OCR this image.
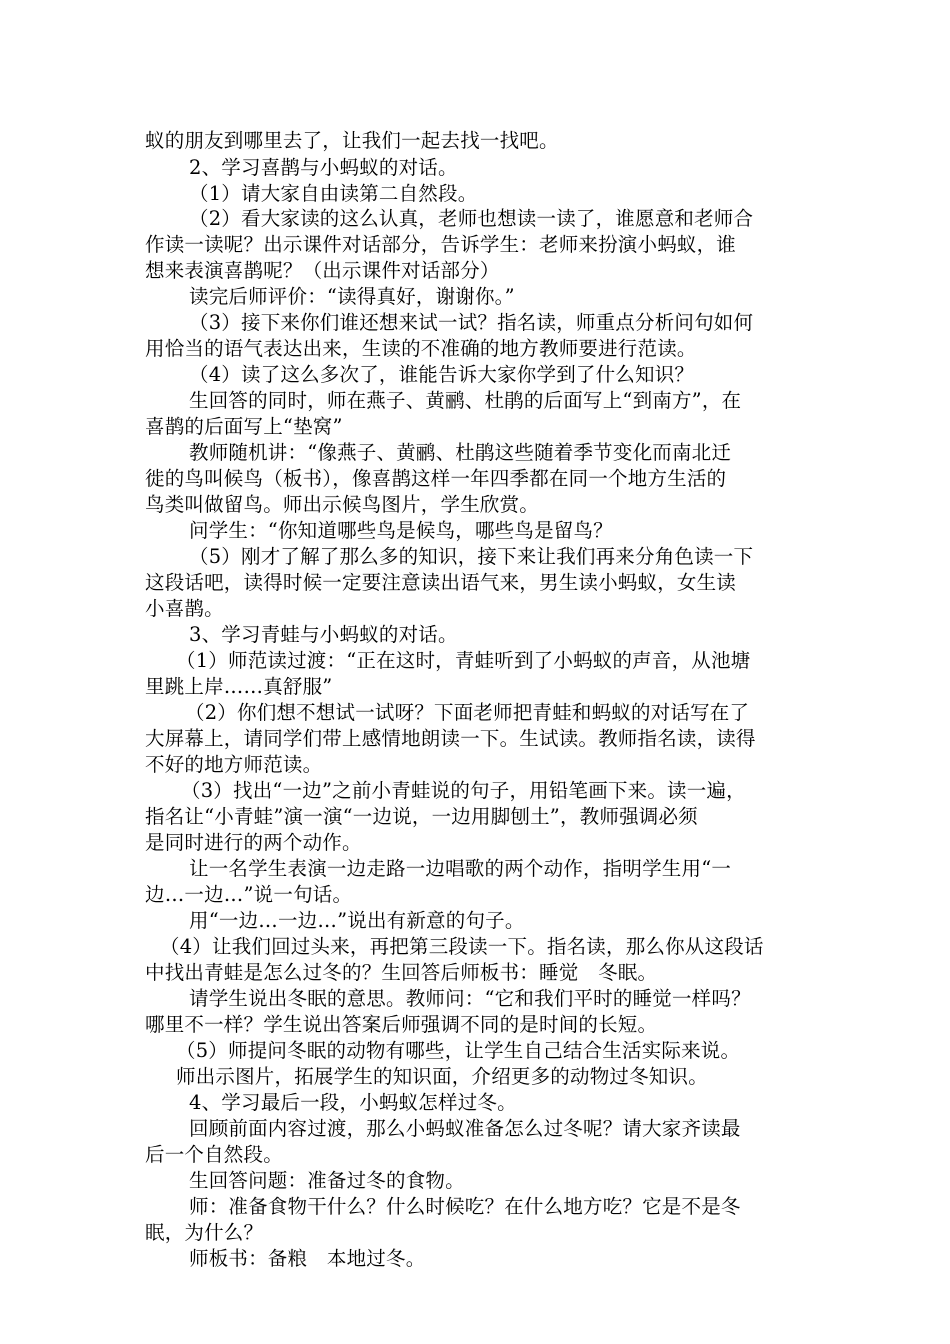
蚁的朋友到哪里去了，让我们一起去找一找吧。
2、学习喜鹊与小蚂蚁的对话。
（1）请大家自由读第二自然段。
（2）看大家读的这么认真，老师也想读一读了，谁愿意和老师合
作读一读呢？出示课件对话部分，告诉学生：老师来扮演小蚂蚁，谁
想来表演喜鹊呢？（出示课件对话部分）
读完后师评价：“读得真好，谢谢你。”
（3）接下来你们谁还想来试一试？指名读，师重点分析问句如何
用恰当的语气表达出来，生读的不准确的地方教师要进行范读。
（4）读了这么多次了，谁能告诉大家你学到了什么知识？
生回答的同时，师在燕子、黄鹂、杜鹃的后面写上“到南方”，在
喜鹊的后面写上“垫窝”
教师随机讲：“像燕子、黄鹂、杜鹃这些随着季节变化而南北迁
徙的鸟叫候鸟（板书），像喜鹊这样一年四季都在同一个地方生活的
鸟类叫做留鸟。师出示候鸟图片，学生欣赏。
问学生：“你知道哪些鸟是候鸟，哪些鸟是留鸟？
（5）刚才了解了那么多的知识，接下来让我们再来分角色读一下
这段话吧，读得时候一定要注意读出语气来，男生读小蚂蚁，女生读
小喜鹊。
3、学习青蛙与小蚂蚁的对话。
（1）师范读过渡：“正在这时，青蛙听到了小蚂蚁的声音，从池塘
里跳上岸……真舒服”
（2）你们想不想试一试呀？下面老师把青蛙和蚂蚁的对话写在了
大屏幕上，请同学们带上感情地朗读一下。生试读。教师指名读，读得
不好的地方师范读。
（3）找出“一边”之前小青蛙说的句子，用铅笔画下来。读一遍，
指名让“小青蛙”演一演“一边说，一边用脚刨土”，教师强调必须
是同时进行的两个动作。
让一名学生表演一边走路一边唱歌的两个动作，指明学生用“一
边…一边…”说一句话。
用“一边…一边…”说出有新意的句子。
（4）让我们回过头来，再把第三段读一下。指名读，那么你从这段话
中找出青蛙是怎么过冬的？生回答后师板书：睡觉　冬眠。
请学生说出冬眠的意思。教师问：“它和我们平时的睡觉一样吗？
哪里不一样？学生说出答案后师强调不同的是时间的长短。
（5）师提问冬眠的动物有哪些，让学生自己结合生活实际来说。
师出示图片，拓展学生的知识面，介绍更多的动物过冬知识。
4、学习最后一段，小蚂蚁怎样过冬。
回顾前面内容过渡，那么小蚂蚁准备怎么过冬呢？请大家齐读最
后一个自然段。
生回答问题：准备过冬的食物。
师：准备食物干什么？什么时候吃？在什么地方吃？它是不是冬
眠，为什么？
师板书：备粮　本地过冬。
